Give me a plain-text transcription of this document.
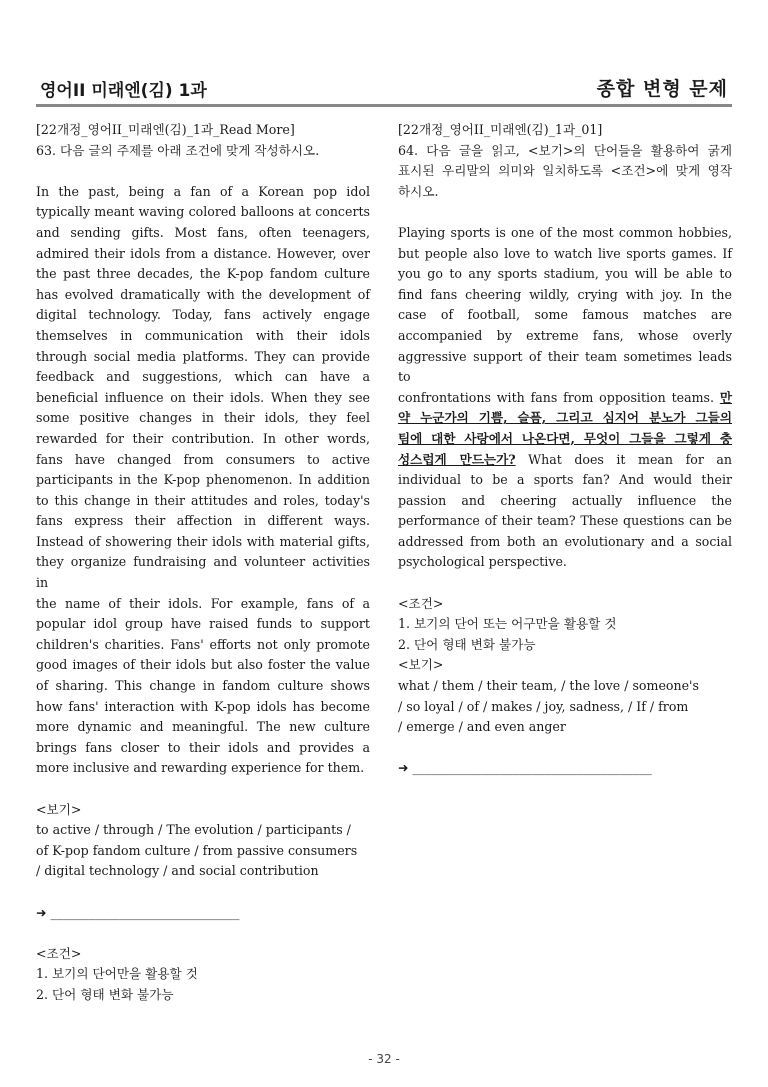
영어II 미래엔(김) 1과	종합 변형 문제
[22개정_영어II_미래엔(김)_1과_Read More]
63. 다음 글의 주제를 아래 조건에 맞게 작성하시오.
In the past, being a fan of a Korean pop idol
typically meant waving colored balloons at concerts
and sending gifts. Most fans, often teenagers,
admired their idols from a distance. However, over
the past three decades, the K-pop fandom culture
has evolved dramatically with the development of
digital technology. Today, fans actively engage
themselves in communication with their idols
through social media platforms. They can provide
feedback and suggestions, which can have a
beneficial influence on their idols. When they see
some positive changes in their idols, they feel
rewarded for their contribution. In other words,
fans have changed from consumers to active
participants in the K-pop phenomenon. In addition
to this change in their attitudes and roles, today's
fans express their affection in different ways.
Instead of showering their idols with material gifts,
they organize fundraising and volunteer activities in
the name of their idols. For example, fans of a
popular idol group have raised funds to support
children's charities. Fans' efforts not only promote
good images of their idols but also foster the value
of sharing. This change in fandom culture shows
how fans' interaction with K-pop idols has become
more dynamic and meaningful. The new culture
brings fans closer to their idols and provides a
more inclusive and rewarding experience for them.
<보기>
to active / through / The evolution / participants /
of K-pop fandom culture / from passive consumers
/ digital technology / and social contribution
➜ ______________________________
<조건>
1. 보기의 단어만을 활용할 것
2. 단어 형태 변화 불가능
[22개정_영어II_미래엔(김)_1과_01]
64. 다음 글을 읽고, <보기>의 단어들을 활용하여 굵게
표시된 우리말의 의미와 일치하도록 <조건>에 맞게 영작
하시오.
Playing sports is one of the most common hobbies,
but people also love to watch live sports games. If
you go to any sports stadium, you will be able to
find fans cheering wildly, crying with joy. In the
case of football, some famous matches are
accompanied by extreme fans, whose overly
aggressive support of their team sometimes leads to
confrontations with fans from opposition teams. 만
약 누군가의 기쁨, 슬픔, 그리고 심지어 분노가 그들의
팀에 대한 사랑에서 나온다면, 무엇이 그들을 그렇게 충
성스럽게 만드는가? What does it mean for an
individual to be a sports fan? And would their
passion and cheering actually influence the
performance of their team? These questions can be
addressed from both an evolutionary and a social
psychological perspective.
<조건>
1. 보기의 단어 또는 어구만을 활용할 것
2. 단어 형태 변화 불가능
<보기>
what / them / their team, / the love / someone's
/ so loyal / of / makes / joy, sadness, / If / from
/ emerge / and even anger
➜ ______________________________________
- 32 -
